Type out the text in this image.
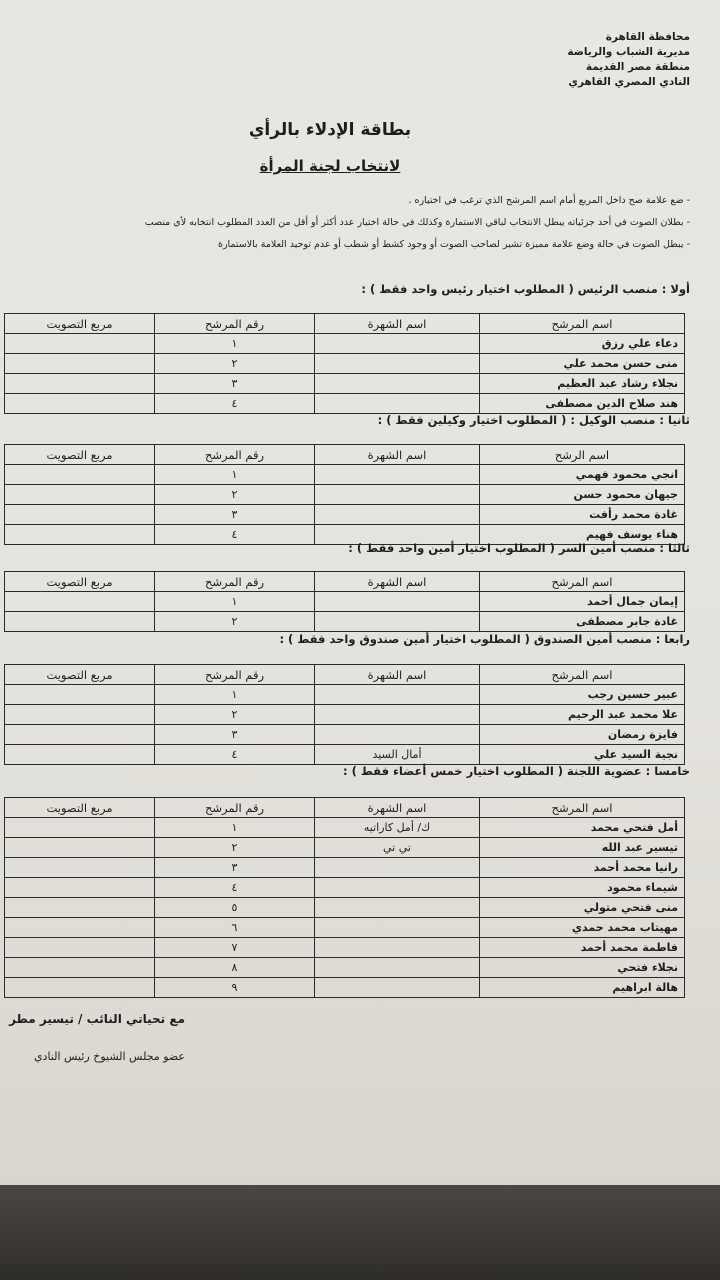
محافظة القاهرة
مديرية الشباب والرياضة
منطقة مصر القديمة
النادي المصري القاهري
بطاقة الإدلاء بالرأي
لانتخاب لجنة المرأة
- ضع علامة صح داخل المربع أمام اسم المرشح الذي ترغب في اختياره .
- بطلان الصوت في أحد جزئياته يبطل الانتخاب لباقي الاستمارة وكذلك في حالة اختيار عدد أكثر أو أقل من العدد المطلوب انتخابه لأي منصب
- يبطل الصوت في حالة وضع علامة مميزة تشير لصاحب الصوت أو وجود كشط أو شطب أو عدم توحيد العلامة بالاستمارة
أولا : منصب الرئيس ( المطلوب اختيار رئيس واحد فقط ) :
اسم المرشح	اسم الشهرة	رقم المرشح	مربع التصويت
دعاء علي رزق		١	
منى حسن محمد علي		٢	
نجلاء رشاد عبد العظيم		٣	
هند صلاح الدين مصطفى		٤	
ثانيا : منصب الوكيل : ( المطلوب اختيار وكيلين فقط ) :
اسم الرشح	اسم الشهرة	رقم المرشح	مربع التصويت
انجي محمود فهمي		١	
جيهان محمود حسن		٢	
غادة محمد رأفت		٣	
هناء يوسف فهيم		٤	
ثالثا : منصب أمين السر ( المطلوب اختيار أمين واحد فقط ) :
اسم المرشح	اسم الشهرة	رقم المرشح	مربع التصويت
إيمان جمال أحمد		١	
غادة جابر مصطفى		٢	
رابعا : منصب أمين الصندوق ( المطلوب اختيار أمين صندوق واحد فقط ) :
اسم المرشح	اسم الشهرة	رقم المرشح	مربع التصويت
عبير حسين رجب		١	
علا محمد عبد الرحيم		٢	
فايزة رمضان		٣	
نجية السيد علي	أمال السيد	٤	
خامسا : عضوية اللجنة ( المطلوب اختيار خمس أعضاء فقط ) :
اسم المرشح	اسم الشهرة	رقم المرشح	مربع التصويت
أمل فتحي محمد	ك/ أمل كاراتيه	١	
تيسير عبد الله	تي تي	٢	
رانيا محمد أحمد		٣	
شيماء محمود		٤	
منى فتحي متولي		٥	
مهيتاب محمد حمدي		٦	
فاطمة محمد أحمد		٧	
نجلاء فتحي		٨	
هالة ابراهيم		٩	
مع تحياتي النائب / تيسير مطر
عضو مجلس الشيوخ رئيس النادي
